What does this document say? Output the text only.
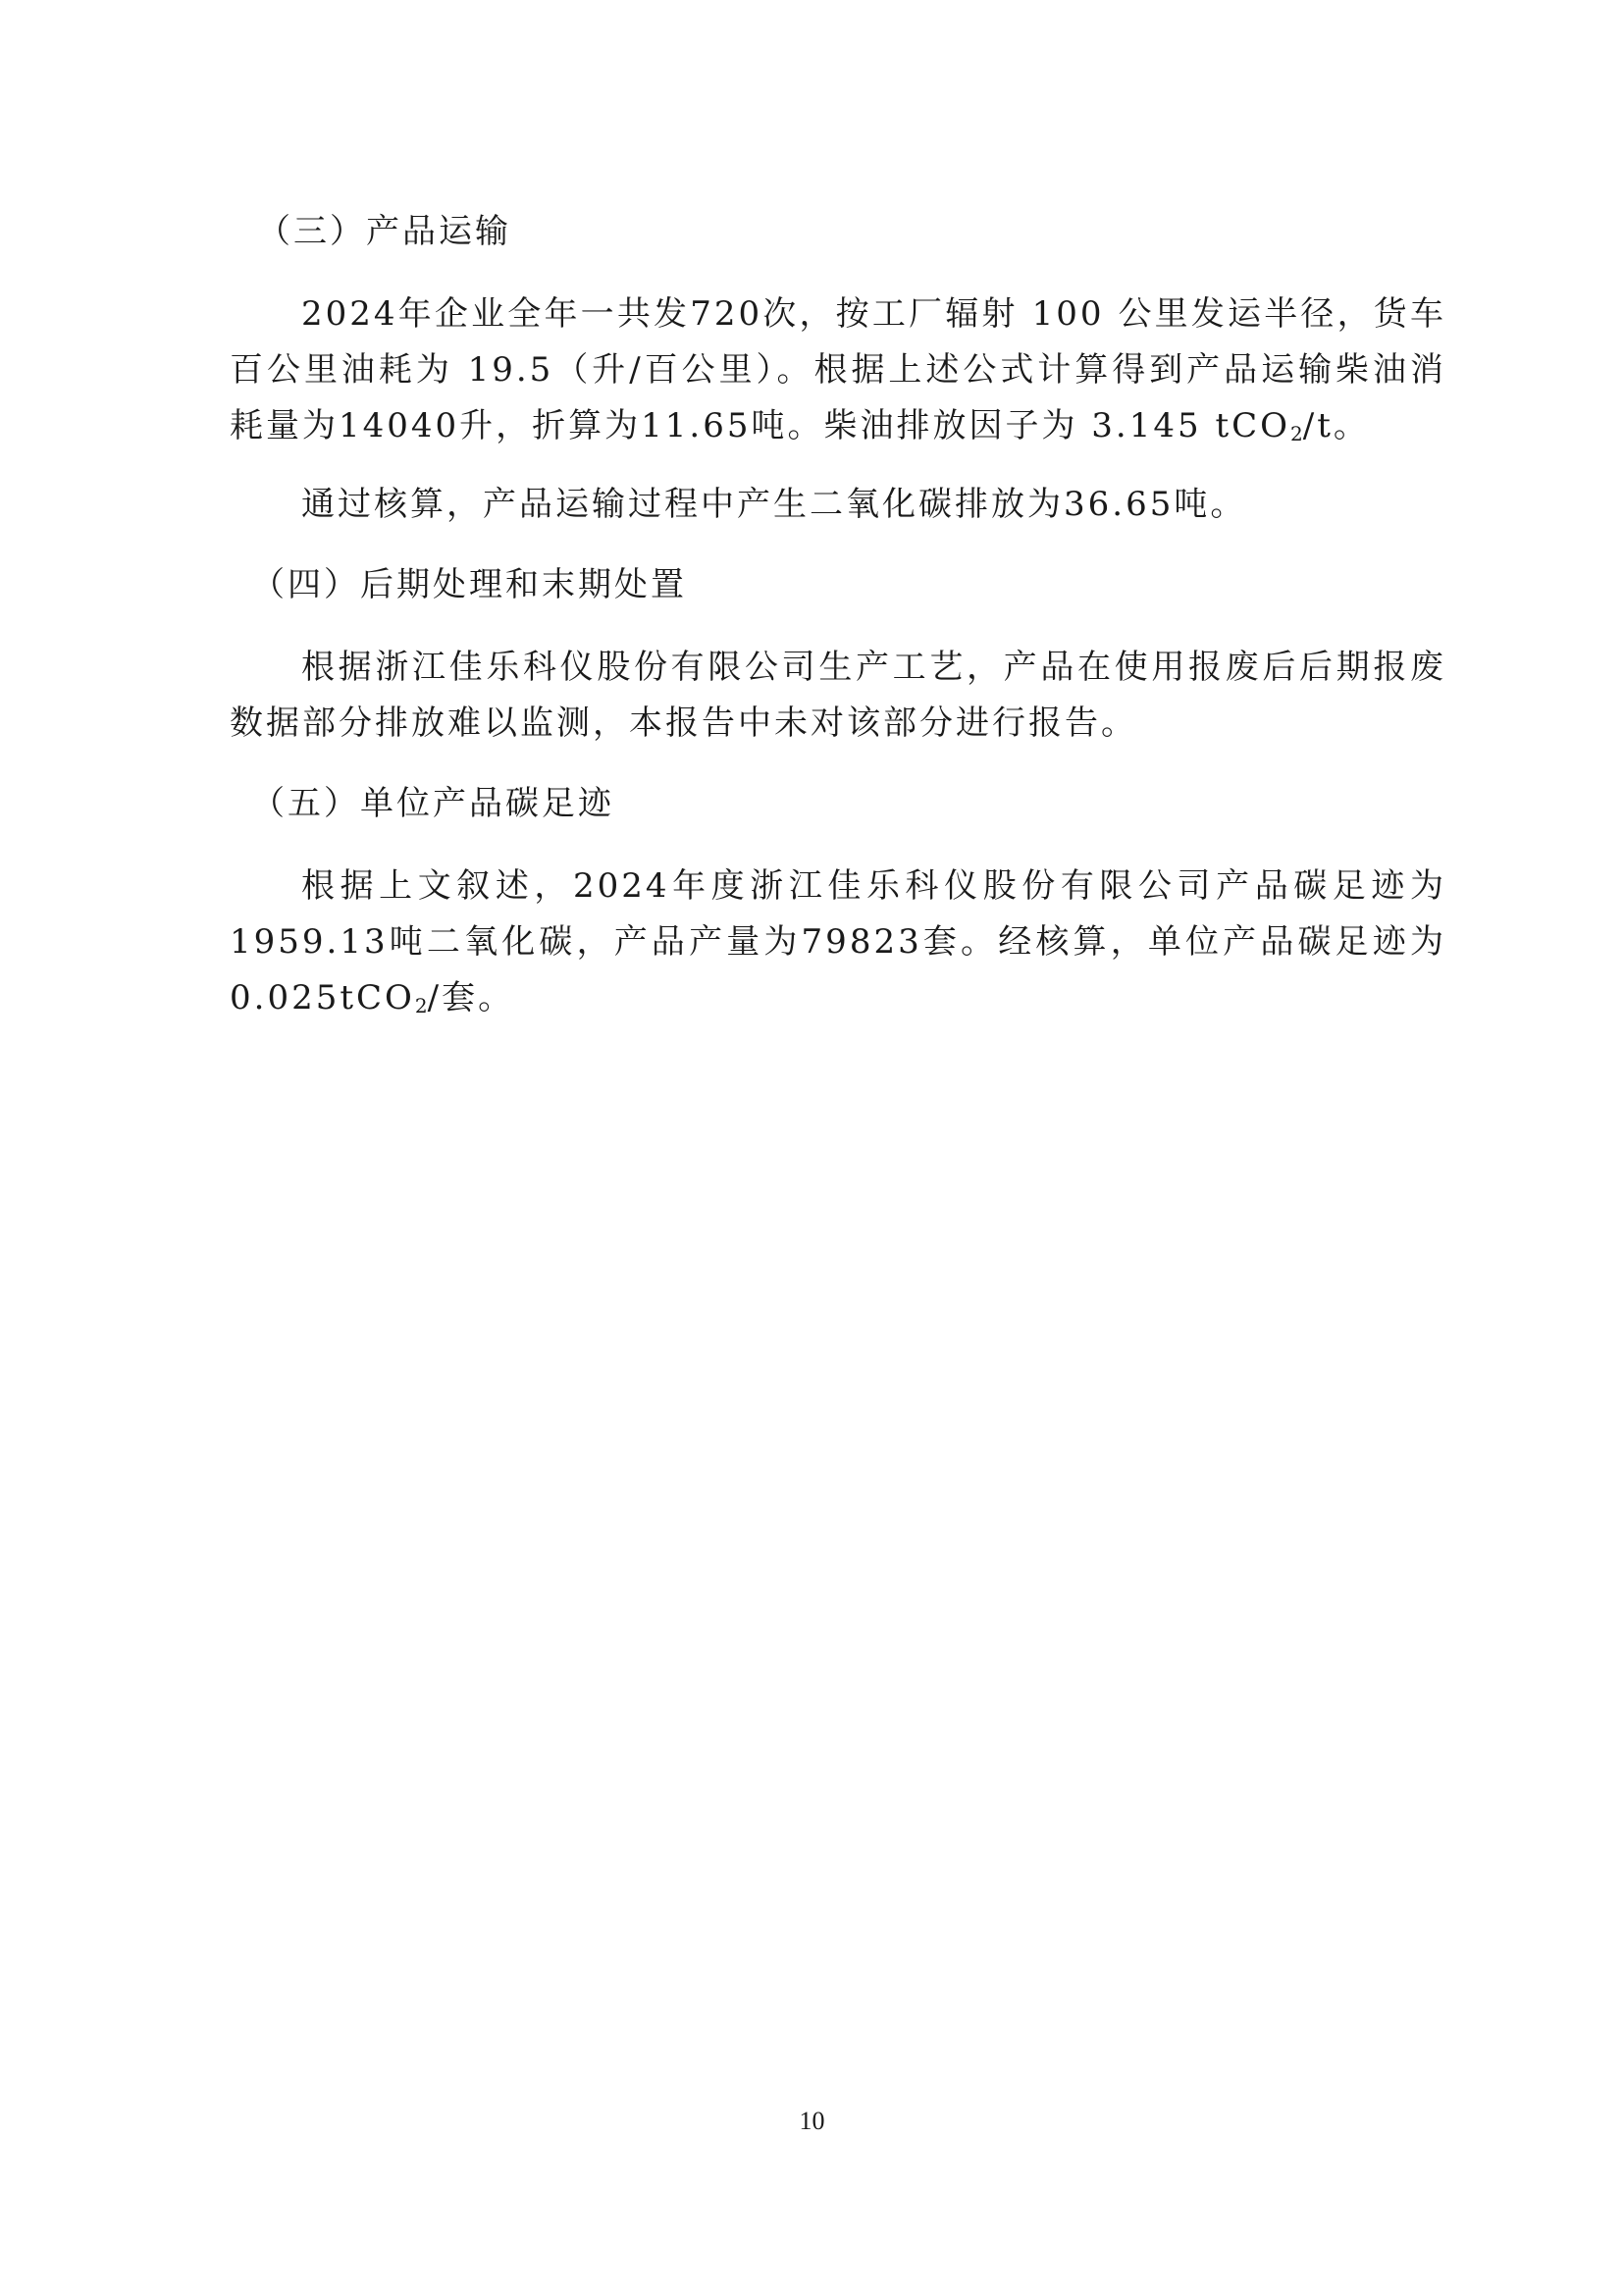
（三）产品运输

2024年企业全年一共发720次，按工厂辐射 100 公里发运半径，货车百公里油耗为 19.5（升/百公里）。根据上述公式计算得到产品运输柴油消耗量为14040升，折算为11.65吨。柴油排放因子为 3.145 tCO$_2$/t。

通过核算，产品运输过程中产生二氧化碳排放为36.65吨。

（四）后期处理和末期处置

根据浙江佳乐科仪股份有限公司生产工艺，产品在使用报废后后期报废数据部分排放难以监测，本报告中未对该部分进行报告。

（五）单位产品碳足迹

根据上文叙述，2024年度浙江佳乐科仪股份有限公司产品碳足迹为1959.13吨二氧化碳，产品产量为79823套。经核算，单位产品碳足迹为0.025tCO$_2$/套。

10
